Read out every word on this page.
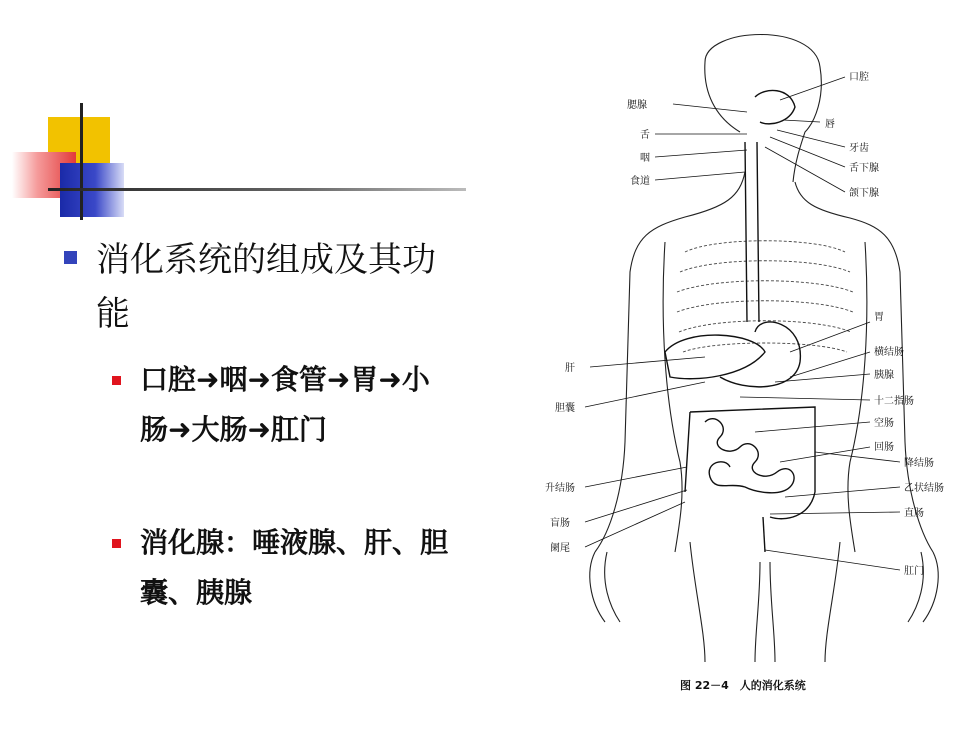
消化系统的组成及其功能
口腔➜咽➜食管➜胃➜小肠➜大肠➜肛门
消化腺：唾液腺、肝、胆囊、胰腺
口腔
腮腺
唇
舌
牙齿
咽
舌下腺
食道
颌下腺
胃
肝
横结肠
胰腺
胆囊
十二指肠
空肠
回肠
降结肠
升结肠	乙状结肠
盲肠
直肠
阑尾
肛门
图 22－4　人的消化系统
